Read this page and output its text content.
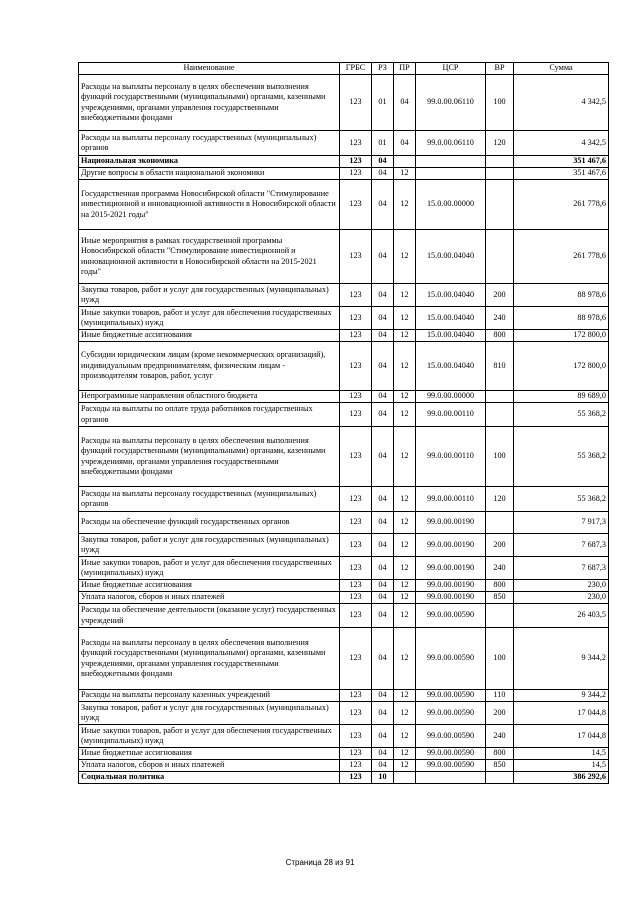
Наименование	ГРБС	РЗ	ПР	ЦСР	ВР	Сумма
Расходы на выплаты персоналу в целях обеспечения выполнения функций государственными (муниципальными) органами, казенными учреждениями, органами управления государственными внебюджетными фондами	123	01	04	99.0.00.06110	100	4 342,5
Расходы на выплаты персоналу государственных (муниципальных) органов	123	01	04	99.0.00.06110	120	4 342,5
Национальная экономика	123	04				351 467,6
Другие вопросы в области национальной экономики	123	04	12			351 467,6
Государственная программа Новосибирской области "Стимулирование инвестиционной и инновационной активности в Новосибирской области на 2015-2021 годы"	123	04	12	15.0.00.00000		261 778,6
Иные мероприятия в рамках государственной программы Новосибирской области "Стимулирование инвестиционной и инновационной активности в Новосибирской области на 2015-2021 годы"	123	04	12	15.0.00.04040		261 778,6
Закупка товаров, работ и услуг для государственных (муниципальных) нужд	123	04	12	15.0.00.04040	200	88 978,6
Иные закупки товаров, работ и услуг для обеспечения государственных (муниципальных) нужд	123	04	12	15.0.00.04040	240	88 978,6
Иные бюджетные ассигнования	123	04	12	15.0.00.04040	800	172 800,0
Субсидии юридическим лицам (кроме некоммерческих организаций), индивидуальным предпринимателям, физическим лицам - производителям товаров, работ, услуг	123	04	12	15.0.00.04040	810	172 800,0
Непрограммные направления областного бюджета	123	04	12	99.0.00.00000		89 689,0
Расходы на выплаты по оплате труда работников государственных органов	123	04	12	99.0.00.00110		55 368,2
Расходы на выплаты персоналу в целях обеспечения выполнения функций государственными (муниципальными) органами, казенными учреждениями, органами управления государственными внебюджетными фондами	123	04	12	99.0.00.00110	100	55 368,2
Расходы на выплаты персоналу государственных (муниципальных) органов	123	04	12	99.0.00.00110	120	55 368,2
Расходы на обеспечение функций государственных органов	123	04	12	99.0.00.00190		7 917,3
Закупка товаров, работ и услуг для государственных (муниципальных) нужд	123	04	12	99.0.00.00190	200	7 687,3
Иные закупки товаров, работ и услуг для обеспечения государственных (муниципальных) нужд	123	04	12	99.0.00.00190	240	7 687,3
Иные бюджетные ассигнования	123	04	12	99.0.00.00190	800	230,0
Уплата налогов, сборов и иных платежей	123	04	12	99.0.00.00190	850	230,0
Расходы на обеспечение деятельности (оказание услуг) государственных учреждений	123	04	12	99.0.00.00590		26 403,5
Расходы на выплаты персоналу в целях обеспечения выполнения функций государственными (муниципальными) органами, казенными учреждениями, органами управления государственными внебюджетными фондами	123	04	12	99.0.00.00590	100	9 344,2
Расходы на выплаты персоналу казенных учреждений	123	04	12	99.0.00.00590	110	9 344,2
Закупка товаров, работ и услуг для государственных (муниципальных) нужд	123	04	12	99.0.00.00590	200	17 044,8
Иные закупки товаров, работ и услуг для обеспечения государственных (муниципальных) нужд	123	04	12	99.0.00.00590	240	17 044,8
Иные бюджетные ассигнования	123	04	12	99.0.00.00590	800	14,5
Уплата налогов, сборов и иных платежей	123	04	12	99.0.00.00590	850	14,5
Социальная политика	123	10				386 292,6
Страница 28 из 91
